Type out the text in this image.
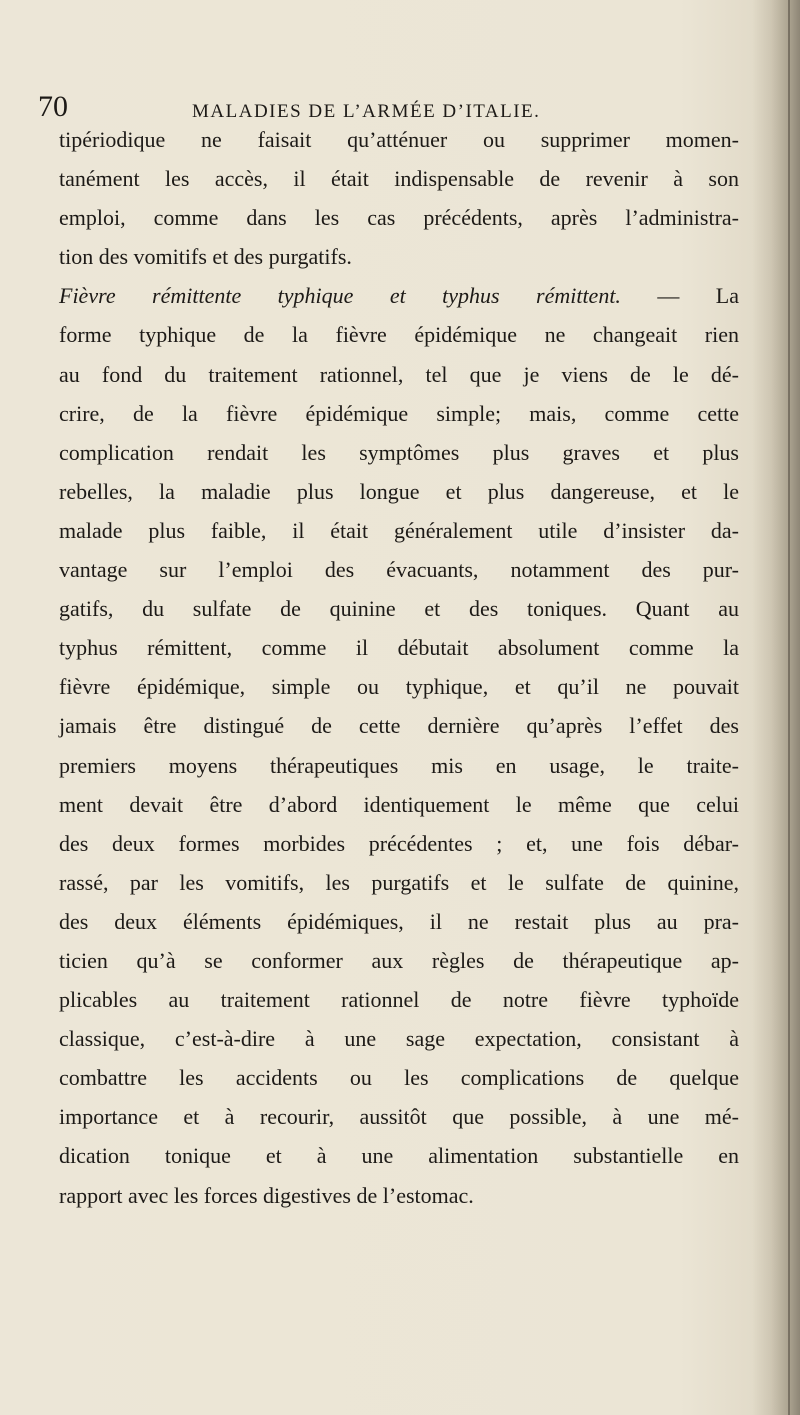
70	MALADIES DE L’ARMÉE D’ITALIE.
tipériodique ne faisait qu’atténuer ou supprimer momen-
tanément les accès, il était indispensable de revenir à son
emploi, comme dans les cas précédents, après l’administra-
tion des vomitifs et des purgatifs.
Fièvre rémittente typhique et typhus rémittent. — La
forme typhique de la fièvre épidémique ne changeait rien
au fond du traitement rationnel, tel que je viens de le dé-
crire, de la fièvre épidémique simple; mais, comme cette
complication rendait les symptômes plus graves et plus
rebelles, la maladie plus longue et plus dangereuse, et le
malade plus faible, il était généralement utile d’insister da-
vantage sur l’emploi des évacuants, notamment des pur-
gatifs, du sulfate de quinine et des toniques. Quant au
typhus rémittent, comme il débutait absolument comme la
fièvre épidémique, simple ou typhique, et qu’il ne pouvait
jamais être distingué de cette dernière qu’après l’effet des
premiers moyens thérapeutiques mis en usage, le traite-
ment devait être d’abord identiquement le même que celui
des deux formes morbides précédentes ; et, une fois débar-
rassé, par les vomitifs, les purgatifs et le sulfate de quinine,
des deux éléments épidémiques, il ne restait plus au pra-
ticien qu’à se conformer aux règles de thérapeutique ap-
plicables au traitement rationnel de notre fièvre typhoïde
classique, c’est-à-dire à une sage expectation, consistant à
combattre les accidents ou les complications de quelque
importance et à recourir, aussitôt que possible, à une mé-
dication tonique et à une alimentation substantielle en
rapport avec les forces digestives de l’estomac.
